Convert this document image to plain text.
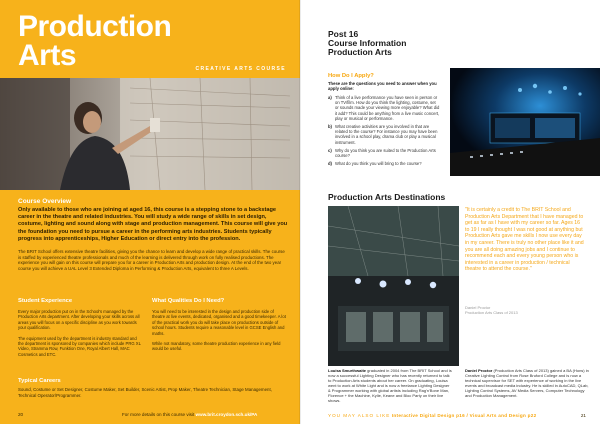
Production
Arts	CREATIVE ARTS COURSE
Course Overview
Only available to those who are joining at aged 16, this course is a stepping stone to a backstage career in the theatre and related industries. You will study a wide range of skills in set design, costume, lighting and sound along with stage and production management. This course will give you the foundation you need to pursue a career in the performing arts industries. Students typically progress into apprenticeships, Higher Education or direct entry into the profession.
The BRIT School offers extensive theatre facilities, giving you the chance to learn and develop a wide range of practical skills. The course is staffed by experienced theatre professionals and much of the learning is delivered through work on fully realised productions. The experience you will gain on this course will prepare you for a career in Production Arts and production design. At the end of the two year course you will achieve a UAL Level 3 Extended Diploma in Performing & Production Arts, equivalent to three A Levels.
Student Experience
Every major production put on in the School's managed by the Production Arts department. After developing your skills across all areas you will focus on a specific discipline as you work towards your qualification.
The equipment used by the department is industry standard and the department is sponsored by companies which include PRG XL Video, Stramma Row, Funktion One, Royal Albert Hall, MAC Cosmetics and ETC.
What Qualities Do I Need?
You will need to be interested in the design and production side of theatre at live events, dedicated, organised and a good timekeeper. A lot of the practical work you do will take place on productions outside of school hours. Students require a reasonable level in GCSE English and maths.
While not mandatory, some theatre production experience in any field would be useful.
Typical Careers
Sound, Costume or Set Designer, Costume Maker, Set Builder, Scenic Artist, Prop Maker, Theatre Technician, Stage Management, Technical Operator/Programmer.
20	For more details on this course visit www.brit.croydon.sch.uk/PA
Post 16
Course Information
Production Arts
How Do I Apply?
These are the questions you need to answer when you apply online:
a) Think of a live performance you have seen in person or on TV/film. How do you think the lighting, costume, set or sounds made your viewing more enjoyable? What did it add? This could be anything from a live music concert, play or musical or performance.
b) What creative activities are you involved in that are related to the course? For instance you may have been involved in a school play, drama club or play a musical instrument.
c) Why do you think you are suited to the Production Arts course?
d) What do you think you will bring to the course?
Production Arts Destinations
"It is certainly a credit to The BRIT School and Production Arts Department that I have managed to get as far as I have with my career so far. Ages 16 to 19 I really thought I was not good at anything but Production Arts gave me skills I now use every day in my career. There is truly no other place like it and you are all doing amazing jobs and I continue to recommend each and every young person who is interested in a career in production / technical theatre to attend the course."
Daniel Proctor
Production Arts Class of 2013
Louisa Smurthwaite graduated in 2004 from The BRIT School and is now a successful Lighting Designer who has recently returned to talk to Production Arts students about her career. On graduating, Louisa went to work at White Light and is now a freelance Lighting Designer & Programmer working with global artists including Rag'n'Bone Man, Florence + the Machine, Kylie, Keane and Bloc Party on their live shows.
Daniel Proctor (Production Arts Class of 2013) gained a BA (Hons) in Creative Lighting Control from Rose Bruford College and is now a technical supervisor for SET with experience of working in the live events and broadcast media industry. He is skilled in AutoCAD, QLab, Lighting Control Systems, AV Media Servers, Computer Technology and Production Management.
YOU MAY ALSO LIKE Interactive Digital Design p16 / Visual Arts and Design p22	21
